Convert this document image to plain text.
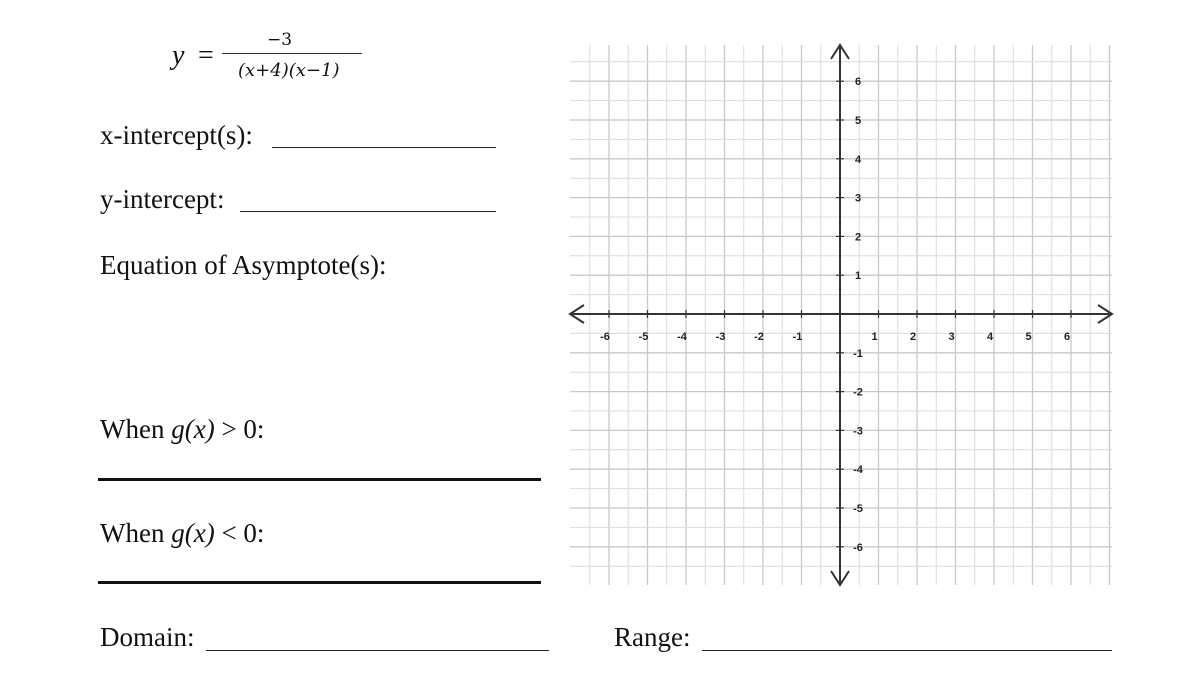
y =	−3
(x+4)(x−1)
x-intercept(s):
y-intercept:
Equation of Asymptote(s):
When g(x) > 0:
When g(x) < 0:
Domain:	Range:
-6	-5	-4	-3	-2	-1	1	2	3	4	5	6
6
5
4
3
2
1
-1
-2
-3
-4
-5
-6
